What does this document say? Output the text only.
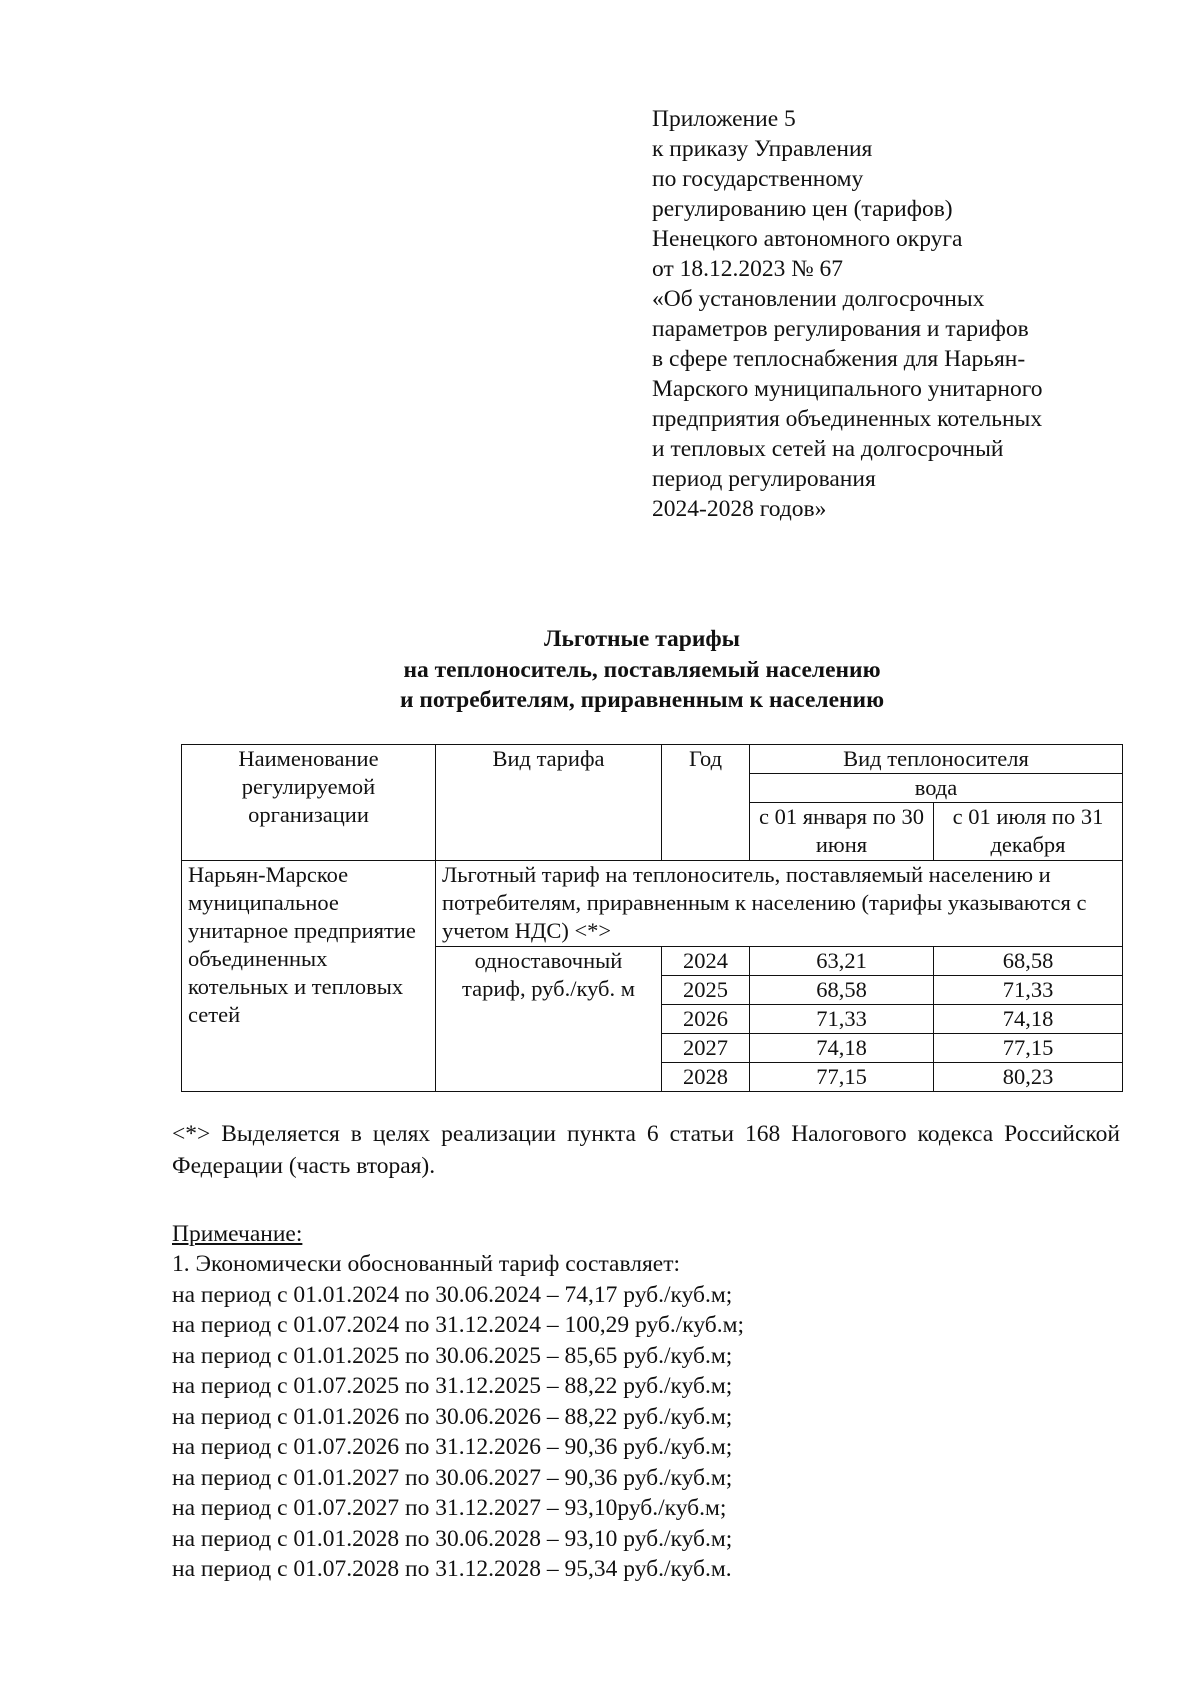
Приложение 5
к приказу Управления
по государственному
регулированию цен (тарифов)
Ненецкого автономного округа
от 18.12.2023 № 67
«Об установлении долгосрочных
параметров регулирования и тарифов
в сфере теплоснабжения для Нарьян-
Марского муниципального унитарного
предприятия объединенных котельных
и тепловых сетей на долгосрочный
период регулирования
2024-2028 годов»
Льготные тарифы
на теплоноситель, поставляемый населению
и потребителям, приравненным к населению
Наименование регулируемой организации	Вид тарифа	Год	Вид теплоносителя	
			вода	
			с 01 января по 30 июня	с 01 июля по 31 декабря
Нарьян-Марское муниципальное унитарное предприятие объединенных котельных и тепловых сетей	Льготный тариф на теплоноситель, поставляемый населению и потребителям, приравненным к населению (тарифы указываются с учетом НДС) <*>			
	одноставочный тариф, руб./куб. м	2024	63,21	68,58
		2025	68,58	71,33
		2026	71,33	74,18
		2027	74,18	77,15
		2028	77,15	80,23
<*> Выделяется в целях реализации пункта 6 статьи 168 Налогового кодекса Российской Федерации (часть вторая).
Примечание:
1. Экономически обоснованный тариф составляет:
на период с 01.01.2024 по 30.06.2024 – 74,17 руб./куб.м;
на период с 01.07.2024 по 31.12.2024 – 100,29 руб./куб.м;
на период с 01.01.2025 по 30.06.2025 – 85,65 руб./куб.м;
на период с 01.07.2025 по 31.12.2025 – 88,22 руб./куб.м;
на период с 01.01.2026 по 30.06.2026 – 88,22 руб./куб.м;
на период с 01.07.2026 по 31.12.2026 – 90,36 руб./куб.м;
на период с 01.01.2027 по 30.06.2027 – 90,36 руб./куб.м;
на период с 01.07.2027 по 31.12.2027 – 93,10руб./куб.м;
на период с 01.01.2028 по 30.06.2028 – 93,10 руб./куб.м;
на период с 01.07.2028 по 31.12.2028 – 95,34 руб./куб.м.
